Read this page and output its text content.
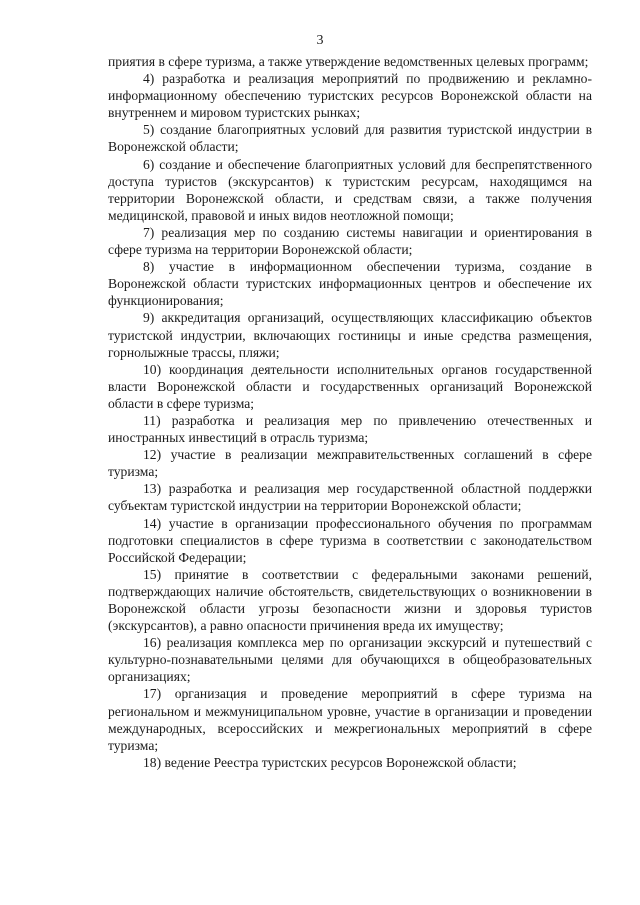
3

приятия в сфере туризма, а также утверждение ведомственных целевых программ;

4) разработка и реализация мероприятий по продвижению и рекламно-информационному обеспечению туристских ресурсов Воронежской области на внутреннем и мировом туристских рынках;

5) создание благоприятных условий для развития туристской индустрии в Воронежской области;

6) создание и обеспечение благоприятных условий для беспрепятственного доступа туристов (экскурсантов) к туристским ресурсам, находящимся на территории Воронежской области, и средствам связи, а также получения медицинской, правовой и иных видов неотложной помощи;

7) реализация мер по созданию системы навигации и ориентирования в сфере туризма на территории Воронежской области;

8) участие в информационном обеспечении туризма, создание в Воронежской области туристских информационных центров и обеспечение их функционирования;

9) аккредитация организаций, осуществляющих классификацию объектов туристской индустрии, включающих гостиницы и иные средства размещения, горнолыжные трассы, пляжи;

10) координация деятельности исполнительных органов государственной власти Воронежской области и государственных организаций Воронежской области в сфере туризма;

11) разработка и реализация мер по привлечению отечественных и иностранных инвестиций в отрасль туризма;

12) участие в реализации межправительственных соглашений в сфере туризма;

13) разработка и реализация мер государственной областной поддержки субъектам туристской индустрии на территории Воронежской области;

14) участие в организации профессионального обучения по программам подготовки специалистов в сфере туризма в соответствии с законодательством Российской Федерации;

15) принятие в соответствии с федеральными законами решений, подтверждающих наличие обстоятельств, свидетельствующих о возникновении в Воронежской области угрозы безопасности жизни и здоровья туристов (экскурсантов), а равно опасности причинения вреда их имуществу;

16) реализация комплекса мер по организации экскурсий и путешествий с культурно-познавательными целями для обучающихся в общеобразовательных организациях;

17) организация и проведение мероприятий в сфере туризма на региональном и межмуниципальном уровне, участие в организации и проведении международных, всероссийских и межрегиональных мероприятий в сфере туризма;

18) ведение Реестра туристских ресурсов Воронежской области;
